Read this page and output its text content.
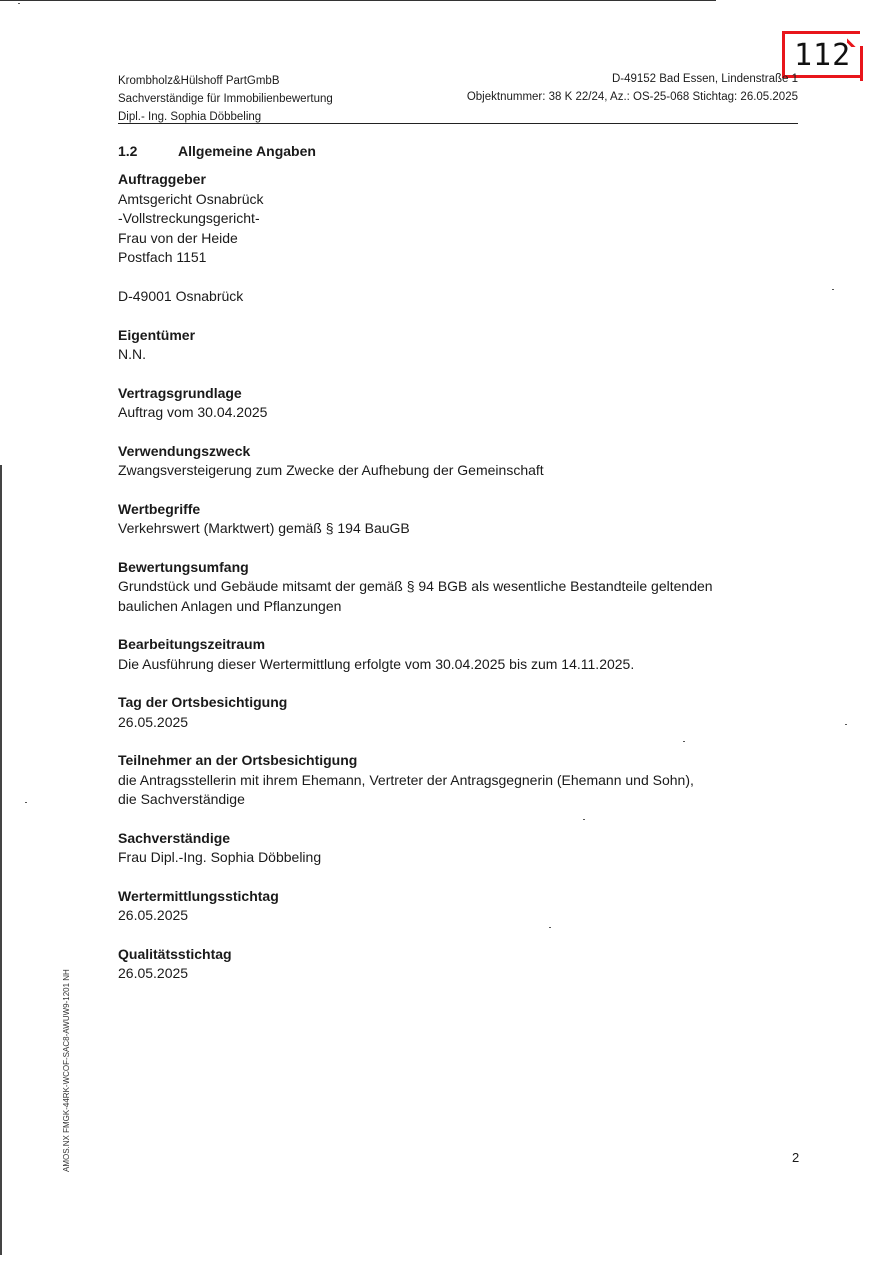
112
Krombholz&Hülshoff PartGmbB
Sachverständige für Immobilienbewertung
Dipl.- Ing. Sophia Döbbeling
D-49152 Bad Essen, Lindenstraße 1
Objektnummer: 38 K 22/24, Az.: OS-25-068 Stichtag: 26.05.2025
1.2	Allgemeine Angaben
Auftraggeber
Amtsgericht Osnabrück
-Vollstreckungsgericht-
Frau von der Heide
Postfach 1151
D-49001 Osnabrück
Eigentümer
N.N.
Vertragsgrundlage
Auftrag vom 30.04.2025
Verwendungszweck
Zwangsversteigerung zum Zwecke der Aufhebung der Gemeinschaft
Wertbegriffe
Verkehrswert (Marktwert) gemäß § 194 BauGB
Bewertungsumfang
Grundstück und Gebäude mitsamt der gemäß § 94 BGB als wesentliche Bestandteile geltenden
baulichen Anlagen und Pflanzungen
Bearbeitungszeitraum
Die Ausführung dieser Wertermittlung erfolgte vom 30.04.2025 bis zum 14.11.2025.
Tag der Ortsbesichtigung
26.05.2025
Teilnehmer an der Ortsbesichtigung
die Antragsstellerin mit ihrem Ehemann, Vertreter der Antragsgegnerin (Ehemann und Sohn),
die Sachverständige
Sachverständige
Frau Dipl.-Ing. Sophia Döbbeling
Wertermittlungsstichtag
26.05.2025
Qualitätsstichtag
26.05.2025
AMOS.NX FMGK-44RK-WCOF-SAC8-AWUW9-1201 NH	2
